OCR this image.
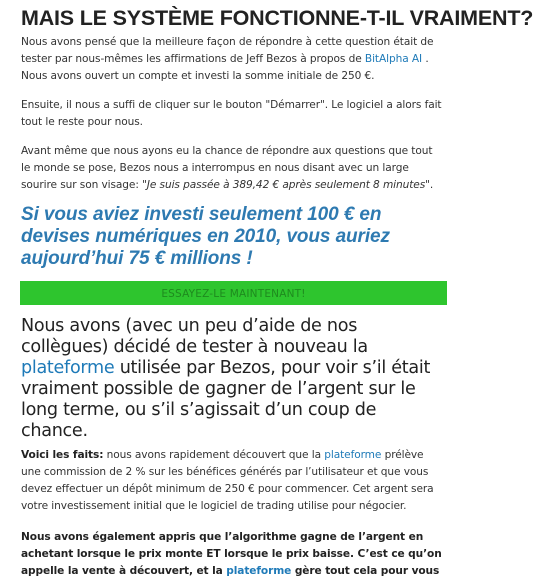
MAIS LE SYSTÈME FONCTIONNE-T-IL VRAIMENT?

Nous avons pensé que la meilleure façon de répondre à cette question était de tester par nous-mêmes les affirmations de Jeff Bezos à propos de BitAlpha AI . Nous avons ouvert un compte et investi la somme initiale de 250 €.

Ensuite, il nous a suffi de cliquer sur le bouton "Démarrer". Le logiciel a alors fait tout le reste pour nous.

Avant même que nous ayons eu la chance de répondre aux questions que tout le monde se pose, Bezos nous a interrompus en nous disant avec un large sourire sur son visage: "Je suis passée à 389,42 € après seulement 8 minutes".

Si vous aviez investi seulement 100 € en devises numériques en 2010, vous auriez aujourd’hui 75 € millions !

ESSAYEZ-LE MAINTENANT!

Nous avons (avec un peu d’aide de nos collègues) décidé de tester à nouveau la plateforme utilisée par Bezos, pour voir s’il était vraiment possible de gagner de l’argent sur le long terme, ou s’il s’agissait d’un coup de chance.

Voici les faits: nous avons rapidement découvert que la plateforme prélève une commission de 2 % sur les bénéfices générés par l’utilisateur et que vous devez effectuer un dépôt minimum de 250 € pour commencer. Cet argent sera votre investissement initial que le logiciel de trading utilise pour négocier.

Nous avons également appris que l’algorithme gagne de l’argent en achetant lorsque le prix monte ET lorsque le prix baisse. C’est ce qu’on appelle la vente à découvert, et la plateforme gère tout cela pour vous
